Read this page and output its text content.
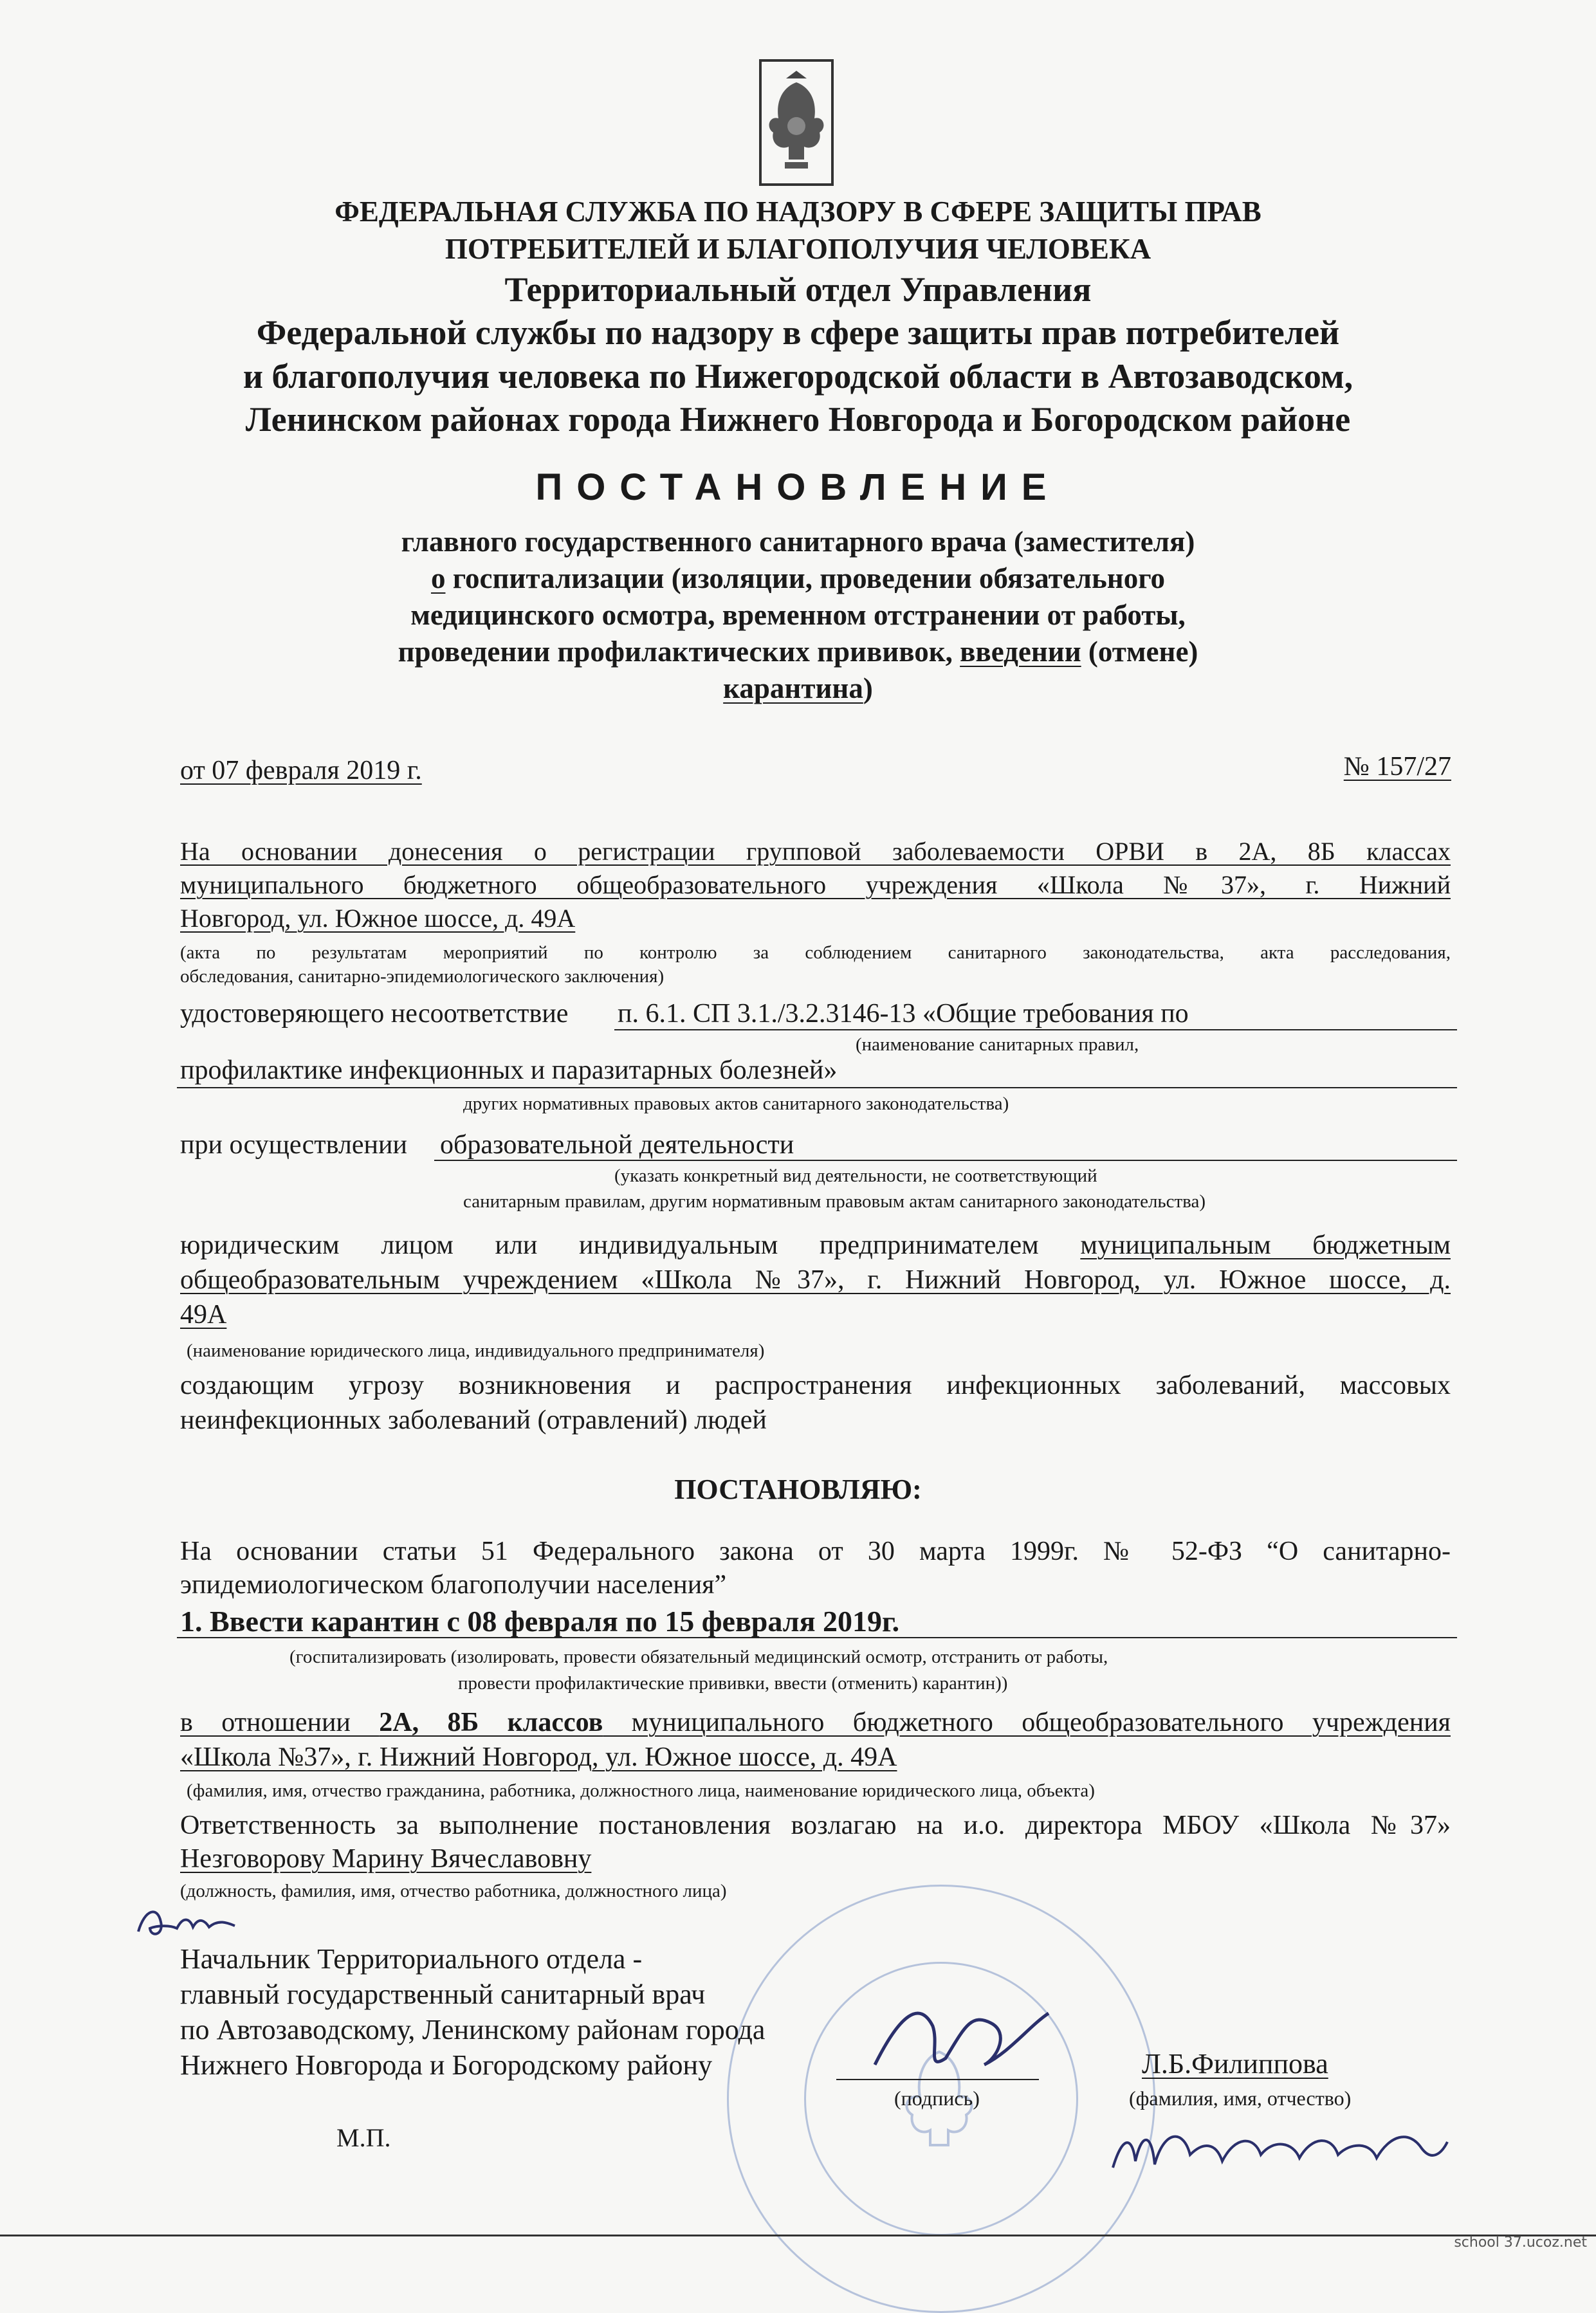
ФЕДЕРАЛЬНАЯ СЛУЖБА ПО НАДЗОРУ В СФЕРЕ ЗАЩИТЫ ПРАВ
ПОТРЕБИТЕЛЕЙ И БЛАГОПОЛУЧИЯ ЧЕЛОВЕКА
Территориальный отдел Управления
Федеральной службы по надзору в сфере защиты прав потребителей
и благополучия человека по Нижегородской области в Автозаводском,
Ленинском районах города Нижнего Новгорода и Богородском районе
ПОСТАНОВЛЕНИЕ
главного государственного санитарного врача (заместителя)
о госпитализации (изоляции, проведении обязательного
медицинского осмотра, временном отстранении от работы,
проведении профилактических прививок, введении (отмене)
карантина)
от 07 февраля 2019 г.	№ 157/27
На основании донесения о регистрации групповой заболеваемости ОРВИ в 2А, 8Б классах
муниципального бюджетного общеобразовательного учреждения «Школа №37», г. Нижний
Новгород, ул. Южное шоссе, д. 49А
(акта по результатам мероприятий по контролю за соблюдением санитарного законодательства, акта расследования,
обследования, санитарно-эпидемиологического заключения)
удостоверяющего несоответствие п. 6.1. СП 3.1./3.2.3146-13 «Общие требования по
(наименование санитарных правил,
профилактике инфекционных и паразитарных болезней»
других нормативных правовых актов санитарного законодательства)
при осуществлении образовательной деятельности
(указать конкретный вид деятельности, не соответствующий
санитарным правилам, другим нормативным правовым актам санитарного законодательства)
юридическим лицом или индивидуальным предпринимателем муниципальным бюджетным
общеобразовательным учреждением «Школа №37», г. Нижний Новгород, ул. Южное шоссе, д.
49А
(наименование юридического лица, индивидуального предпринимателя)
создающим угрозу возникновения и распространения инфекционных заболеваний, массовых
неинфекционных заболеваний (отравлений) людей
ПОСТАНОВЛЯЮ:
На основании статьи 51 Федерального закона от 30 марта 1999г. № 52-ФЗ “О санитарно-
эпидемиологическом благополучии населения”
1. Ввести карантин с 08 февраля по 15 февраля 2019г.
(госпитализировать (изолировать, провести обязательный медицинский осмотр, отстранить от работы,
провести профилактические прививки, ввести (отменить) карантин))
в отношении 2А, 8Б классов муниципального бюджетного общеобразовательного учреждения
«Школа №37», г. Нижний Новгород, ул. Южное шоссе, д. 49А
(фамилия, имя, отчество гражданина, работника, должностного лица, наименование юридического лица, объекта)
Ответственность за выполнение постановления возлагаю на и.о. директора МБОУ «Школа №37»
Незговорову Марину Вячеславовну
(должность, фамилия, имя, отчество работника, должностного лица)
Начальник Территориального отдела -
главный государственный санитарный врач
по Автозаводскому, Ленинскому районам города
Нижнего Новгорода и Богородскому району
(подпись)
Л.Б.Филиппова
(фамилия, имя, отчество)
М.П.
school 37.ucoz.net
